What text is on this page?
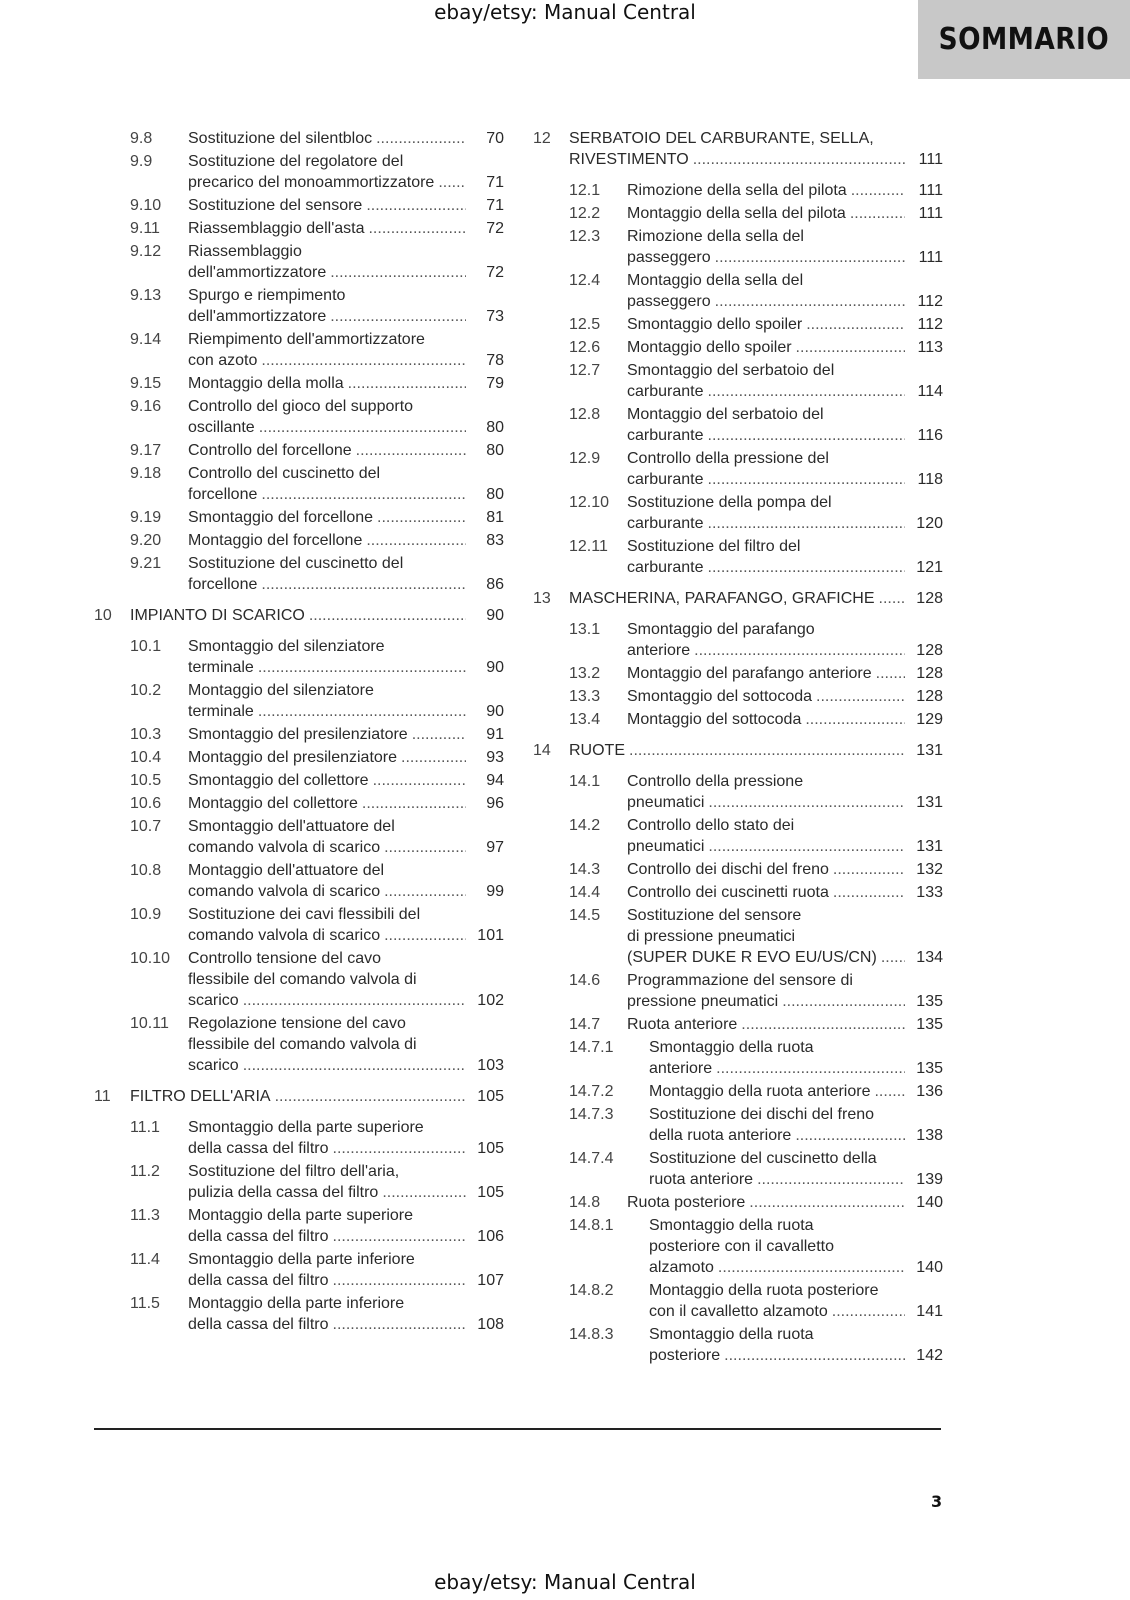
ebay/etsy: Manual Central
SOMMARIO
9.8	Sostituzione del silentbloc .....	70
9.9	Sostituzione del regolatore del
precarico del monoammortizzatore .....	71
9.10	Sostituzione del sensore .....	71
9.11	Riassemblaggio dell'asta .....	72
9.12	Riassemblaggio
dell'ammortizzatore .....	72
9.13	Spurgo e riempimento
dell'ammortizzatore .....	73
9.14	Riempimento dell'ammortizzatore
con azoto .....	78
9.15	Montaggio della molla .....	79
9.16	Controllo del gioco del supporto
oscillante .....	80
9.17	Controllo del forcellone .....	80
9.18	Controllo del cuscinetto del
forcellone .....	80
9.19	Smontaggio del forcellone .....	81
9.20	Montaggio del forcellone .....	83
9.21	Sostituzione del cuscinetto del
forcellone .....	86
10	IMPIANTO DI SCARICO .....	90
10.1	Smontaggio del silenziatore
terminale .....	90
10.2	Montaggio del silenziatore
terminale .....	90
10.3	Smontaggio del presilenziatore .....	91
10.4	Montaggio del presilenziatore .....	93
10.5	Smontaggio del collettore .....	94
10.6	Montaggio del collettore .....	96
10.7	Smontaggio dell'attuatore del
comando valvola di scarico .....	97
10.8	Montaggio dell'attuatore del
comando valvola di scarico .....	99
10.9	Sostituzione dei cavi flessibili del
comando valvola di scarico .....	101
10.10	Controllo tensione del cavo
flessibile del comando valvola di
scarico .....	102
10.11	Regolazione tensione del cavo
flessibile del comando valvola di
scarico .....	103
11	FILTRO DELL'ARIA .....	105
11.1	Smontaggio della parte superiore
della cassa del filtro .....	105
11.2	Sostituzione del filtro dell'aria,
pulizia della cassa del filtro .....	105
11.3	Montaggio della parte superiore
della cassa del filtro .....	106
11.4	Smontaggio della parte inferiore
della cassa del filtro .....	107
11.5	Montaggio della parte inferiore
della cassa del filtro .....	108
12	SERBATOIO DEL CARBURANTE, SELLA,
RIVESTIMENTO .....	111
12.1	Rimozione della sella del pilota .....	111
12.2	Montaggio della sella del pilota .....	111
12.3	Rimozione della sella del
passeggero .....	111
12.4	Montaggio della sella del
passeggero .....	112
12.5	Smontaggio dello spoiler .....	112
12.6	Montaggio dello spoiler .....	113
12.7	Smontaggio del serbatoio del
carburante .....	114
12.8	Montaggio del serbatoio del
carburante .....	116
12.9	Controllo della pressione del
carburante .....	118
12.10	Sostituzione della pompa del
carburante .....	120
12.11	Sostituzione del filtro del
carburante .....	121
13	MASCHERINA, PARAFANGO, GRAFICHE .....	128
13.1	Smontaggio del parafango
anteriore .....	128
13.2	Montaggio del parafango anteriore .....	128
13.3	Smontaggio del sottocoda .....	128
13.4	Montaggio del sottocoda .....	129
14	RUOTE .....	131
14.1	Controllo della pressione
pneumatici .....	131
14.2	Controllo dello stato dei
pneumatici .....	131
14.3	Controllo dei dischi del freno .....	132
14.4	Controllo dei cuscinetti ruota .....	133
14.5	Sostituzione del sensore
di pressione pneumatici
(SUPER DUKE R EVO EU/US/CN) .....	134
14.6	Programmazione del sensore di
pressione pneumatici .....	135
14.7	Ruota anteriore .....	135
14.7.1	Smontaggio della ruota
anteriore .....	135
14.7.2	Montaggio della ruota anteriore .....	136
14.7.3	Sostituzione dei dischi del freno
della ruota anteriore .....	138
14.7.4	Sostituzione del cuscinetto della
ruota anteriore .....	139
14.8	Ruota posteriore .....	140
14.8.1	Smontaggio della ruota
posteriore con il cavalletto
alzamoto .....	140
14.8.2	Montaggio della ruota posteriore
con il cavalletto alzamoto .....	141
14.8.3	Smontaggio della ruota
posteriore .....	142
3
ebay/etsy: Manual Central
